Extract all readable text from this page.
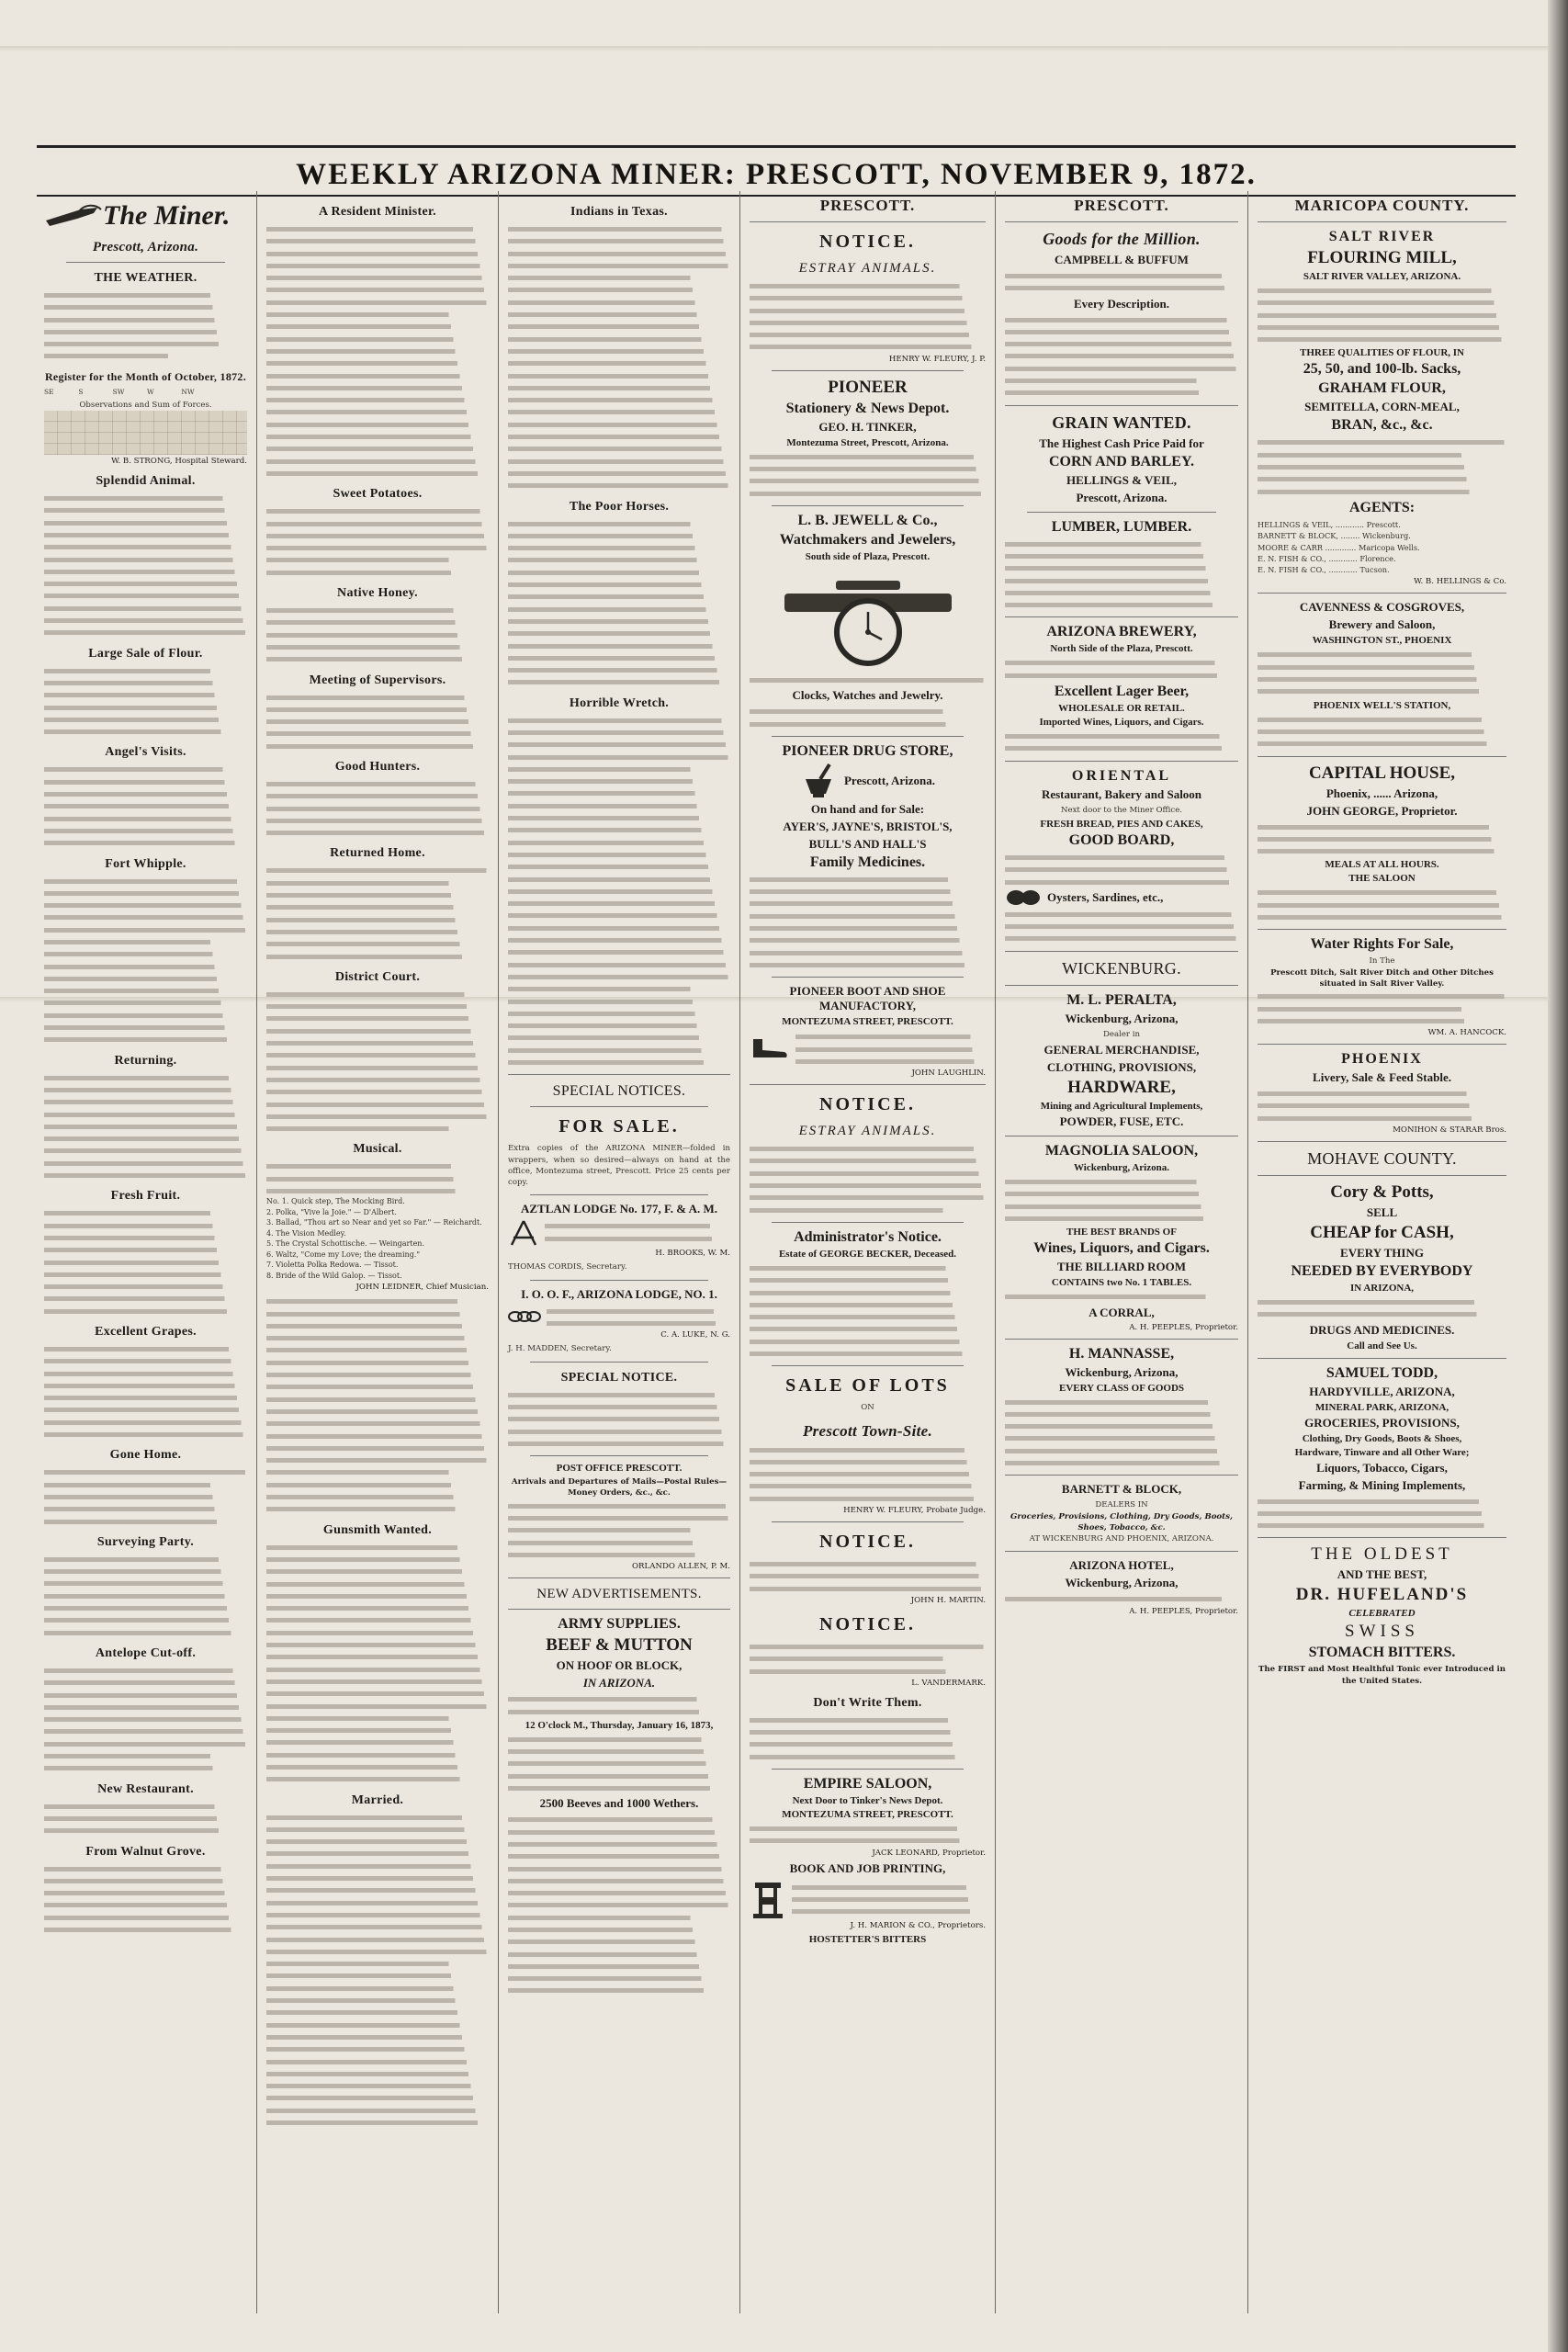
WEEKLY ARIZONA MINER: PRESCOTT, NOVEMBER 9, 1872.
The Miner.
Prescott, Arizona.
THE WEATHER.
Register for the Month of October, 1872.
SE	S	SW	W	NW
Observations and Sum of Forces.
W. B. STRONG, Hospital Steward.
Splendid Animal.
Large Sale of Flour.
Angel's Visits.
Fort Whipple.
Returning.
Fresh Fruit.
Excellent Grapes.
Gone Home.
Surveying Party.
Antelope Cut-off.
New Restaurant.
From Walnut Grove.
A Resident Minister.
Sweet Potatoes.
Native Honey.
Meeting of Supervisors.
Good Hunters.
Returned Home.
District Court.
Musical.
No. 1. Quick step, The Mocking Bird.
2. Polka, "Vive la Joie." — D'Albert.
3. Ballad, "Thou art so Near and yet so Far." — Reichardt.
4. The Vision Medley.
5. The Crystal Schottische. — Weingarten.
6. Waltz, "Come my Love; the dreaming."
7. Violetta Polka Redowa. — Tissot.
8. Bride of the Wild Galop. — Tissot.
JOHN LEIDNER, Chief Musician.
Gunsmith Wanted.
Married.
Indians in Texas.
The Poor Horses.
Horrible Wretch.
SPECIAL NOTICES.
FOR SALE.
Extra copies of the ARIZONA MINER—folded in wrappers, when so desired—always on hand at the office, Montezuma street, Prescott. Price 25 cents per copy.
AZTLAN LODGE No. 177, F. & A. M.
H. BROOKS, W. M.
THOMAS CORDIS, Secretary.
I. O. O. F., ARIZONA LODGE, NO. 1.
C. A. LUKE, N. G.
J. H. MADDEN, Secretary.
SPECIAL NOTICE.
POST OFFICE PRESCOTT.
Arrivals and Departures of Mails—Postal Rules—Money Orders, &c., &c.
ORLANDO ALLEN, P. M.
NEW ADVERTISEMENTS.
ARMY SUPPLIES.
BEEF & MUTTON
ON HOOF OR BLOCK,
IN ARIZONA.
12 O'clock M., Thursday, January 16, 1873,
2500 Beeves and 1000 Wethers.
PRESCOTT.
NOTICE.
ESTRAY ANIMALS.
HENRY W. FLEURY, J. P.
PIONEER
Stationery & News Depot.
GEO. H. TINKER,
Montezuma Street, Prescott, Arizona.
L. B. JEWELL & Co.,
Watchmakers and Jewelers,
South side of Plaza, Prescott.
Clocks, Watches and Jewelry.
PIONEER DRUG STORE,
Prescott, Arizona.
On hand and for Sale:
AYER'S, JAYNE'S, BRISTOL'S,
BULL'S AND HALL'S
Family Medicines.
PIONEER BOOT AND SHOE MANUFACTORY,
MONTEZUMA STREET, PRESCOTT.
JOHN LAUGHLIN.
NOTICE.
ESTRAY ANIMALS.
Administrator's Notice.
Estate of GEORGE BECKER, Deceased.
SALE OF LOTS
ON
Prescott Town-Site.
HENRY W. FLEURY, Probate Judge.
NOTICE.
JOHN H. MARTIN.
NOTICE.
L. VANDERMARK.
Don't Write Them.
EMPIRE SALOON,
Next Door to Tinker's News Depot.
MONTEZUMA STREET, PRESCOTT.
JACK LEONARD, Proprietor.
BOOK AND JOB PRINTING,
J. H. MARION & CO., Proprietors.
HOSTETTER'S BITTERS
PRESCOTT.
Goods for the Million.
CAMPBELL & BUFFUM
Every Description.
GRAIN WANTED.
The Highest Cash Price Paid for
CORN AND BARLEY.
HELLINGS & VEIL,
Prescott, Arizona.
LUMBER, LUMBER.
ARIZONA BREWERY,
North Side of the Plaza, Prescott.
Excellent Lager Beer,
WHOLESALE OR RETAIL.
Imported Wines, Liquors, and Cigars.
ORIENTAL
Restaurant, Bakery and Saloon
Next door to the Miner Office.
FRESH BREAD, PIES AND CAKES,
GOOD BOARD,
Oysters, Sardines, etc.,
WICKENBURG.
M. L. PERALTA,
Wickenburg, Arizona,
Dealer in
GENERAL MERCHANDISE,
CLOTHING, PROVISIONS,
HARDWARE,
Mining and Agricultural Implements,
POWDER, FUSE, ETC.
MAGNOLIA SALOON,
Wickenburg, Arizona.
THE BEST BRANDS OF
Wines, Liquors, and Cigars.
THE BILLIARD ROOM
CONTAINS two No. 1 TABLES.
A CORRAL,
A. H. PEEPLES, Proprietor.
H. MANNASSE,
Wickenburg, Arizona,
EVERY CLASS OF GOODS
BARNETT & BLOCK,
DEALERS IN
Groceries, Provisions, Clothing, Dry Goods, Boots, Shoes, Tobacco, &c.
AT WICKENBURG AND PHOENIX, ARIZONA.
ARIZONA HOTEL,
Wickenburg, Arizona,
A. H. PEEPLES, Proprietor.
MARICOPA COUNTY.
SALT RIVER
FLOURING MILL,
SALT RIVER VALLEY, ARIZONA.
THREE QUALITIES OF FLOUR, IN
25, 50, and 100-lb. Sacks,
GRAHAM FLOUR,
SEMITELLA, CORN-MEAL,
BRAN, &c., &c.
AGENTS:
HELLINGS & VEIL, ............ Prescott.
BARNETT & BLOCK, ........ Wickenburg.
MOORE & CARR ............. Maricopa Wells.
E. N. FISH & CO., ............ Florence.
E. N. FISH & CO., ............ Tucson.
W. B. HELLINGS & Co.
CAVENNESS & COSGROVES,
Brewery and Saloon,
WASHINGTON ST., PHOENIX
PHOENIX WELL'S STATION,
CAPITAL HOUSE,
Phoenix, ...... Arizona,
JOHN GEORGE, Proprietor.
MEALS AT ALL HOURS.
THE SALOON
Water Rights For Sale,
In The
Prescott Ditch, Salt River Ditch and Other Ditches situated in Salt River Valley.
WM. A. HANCOCK.
PHOENIX
Livery, Sale & Feed Stable.
MONIHON & STARAR Bros.
MOHAVE COUNTY.
Cory & Potts,
SELL
CHEAP for CASH,
EVERY THING
NEEDED BY EVERYBODY
IN ARIZONA,
DRUGS AND MEDICINES.
Call and See Us.
SAMUEL TODD,
HARDYVILLE, ARIZONA,
MINERAL PARK, ARIZONA,
GROCERIES, PROVISIONS,
Clothing, Dry Goods, Boots & Shoes,
Hardware, Tinware and all Other Ware;
Liquors, Tobacco, Cigars,
Farming, & Mining Implements,
THE OLDEST
AND THE BEST,
DR. HUFELAND'S
CELEBRATED
SWISS
STOMACH BITTERS.
The FIRST and Most Healthful Tonic ever Introduced in the United States.
